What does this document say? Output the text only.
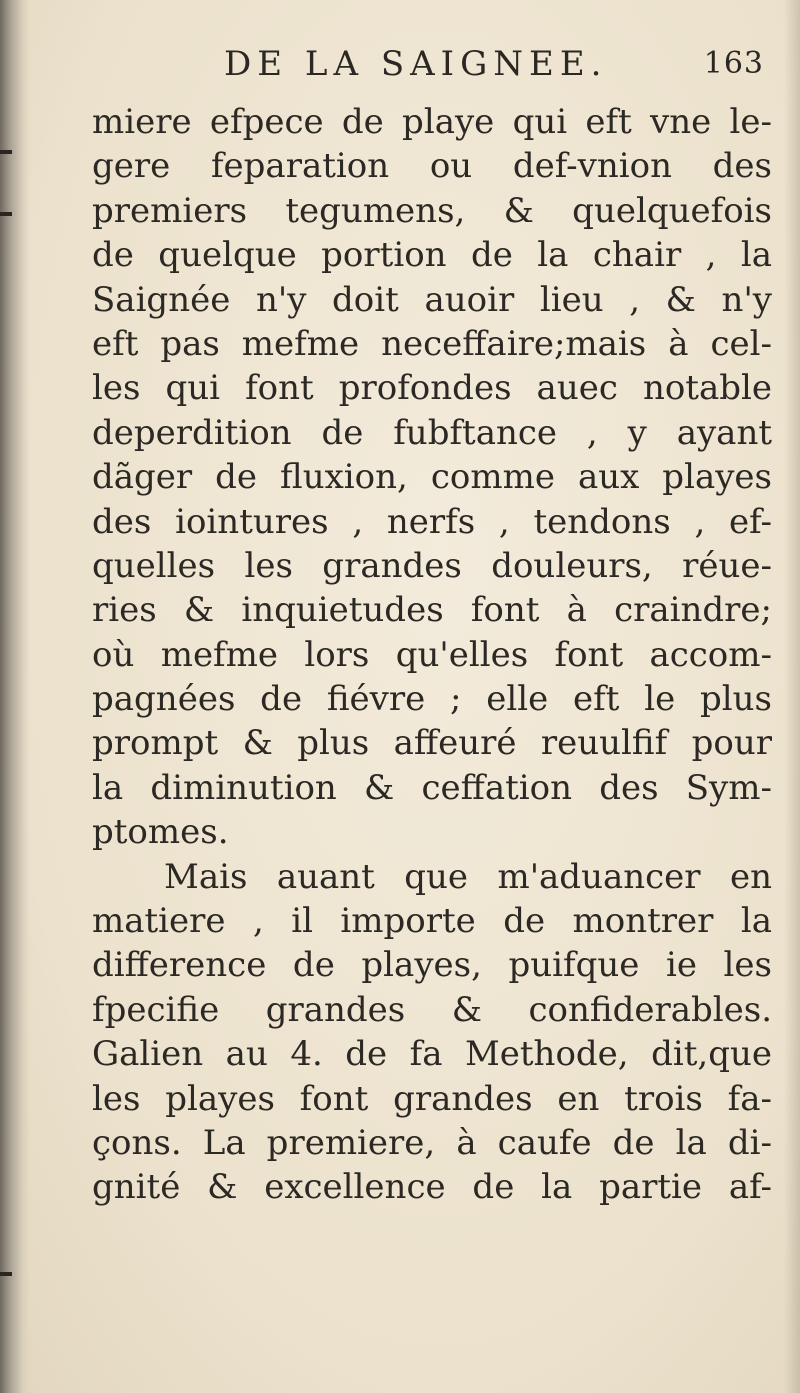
DE LA SAIGNEE.	163
miere efpece de playe qui eft vne le-
gere feparation ou def-vnion des
premiers tegumens, & quelquefois
de quelque portion de la chair , la
Saignée n'y doit auoir lieu , & n'y
eft pas mefme neceffaire;mais à cel-
les qui font profondes auec notable
deperdition de fubftance , y ayant
dãger de fluxion, comme aux playes
des iointures , nerfs , tendons , ef-
quelles les grandes douleurs, réue-
ries & inquietudes font à craindre;
où mefme lors qu'elles font accom-
pagnées de fiévre ; elle eft le plus
prompt & plus affeuré reuulfif pour
la diminution & ceffation des Sym-
ptomes.
Mais auant que m'aduancer en
matiere , il importe de montrer la
difference de playes, puifque ie les
fpecifie grandes & confiderables.
Galien au 4. de fa Methode, dit,que
les playes font grandes en trois fa-
çons. La premiere, à caufe de la di-
gnité & excellence de la partie af-
